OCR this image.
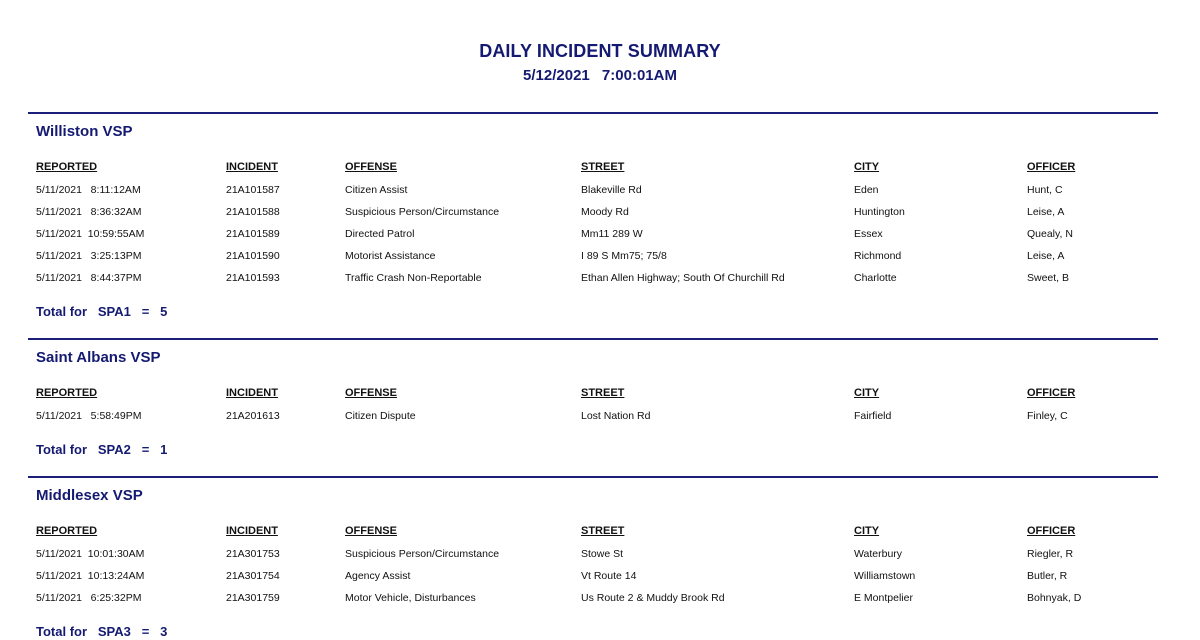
DAILY INCIDENT SUMMARY
5/12/2021 7:00:01AM
Williston VSP
REPORTED	INCIDENT	OFFENSE	STREET	CITY	OFFICER
5/11/2021   8:11:12AM	21A101587	Citizen Assist	Blakeville Rd	Eden	Hunt, C
5/11/2021   8:36:32AM	21A101588	Suspicious Person/Circumstance	Moody Rd	Huntington	Leise, A
5/11/2021  10:59:55AM	21A101589	Directed Patrol	Mm11 289 W	Essex	Quealy, N
5/11/2021   3:25:13PM	21A101590	Motorist Assistance	I 89 S Mm75; 75/8	Richmond	Leise, A
5/11/2021   8:44:37PM	21A101593	Traffic Crash Non-Reportable	Ethan Allen Highway; South Of Churchill Rd	Charlotte	Sweet, B
Total for   SPA1   =   5
Saint Albans VSP
REPORTED	INCIDENT	OFFENSE	STREET	CITY	OFFICER
5/11/2021   5:58:49PM	21A201613	Citizen Dispute	Lost Nation Rd	Fairfield	Finley, C
Total for   SPA2   =   1
Middlesex VSP
REPORTED	INCIDENT	OFFENSE	STREET	CITY	OFFICER
5/11/2021  10:01:30AM	21A301753	Suspicious Person/Circumstance	Stowe St	Waterbury	Riegler, R
5/11/2021  10:13:24AM	21A301754	Agency Assist	Vt Route 14	Williamstown	Butler, R
5/11/2021   6:25:32PM	21A301759	Motor Vehicle, Disturbances	Us Route 2 & Muddy Brook Rd	E Montpelier	Bohnyak, D
Total for   SPA3   =   3
